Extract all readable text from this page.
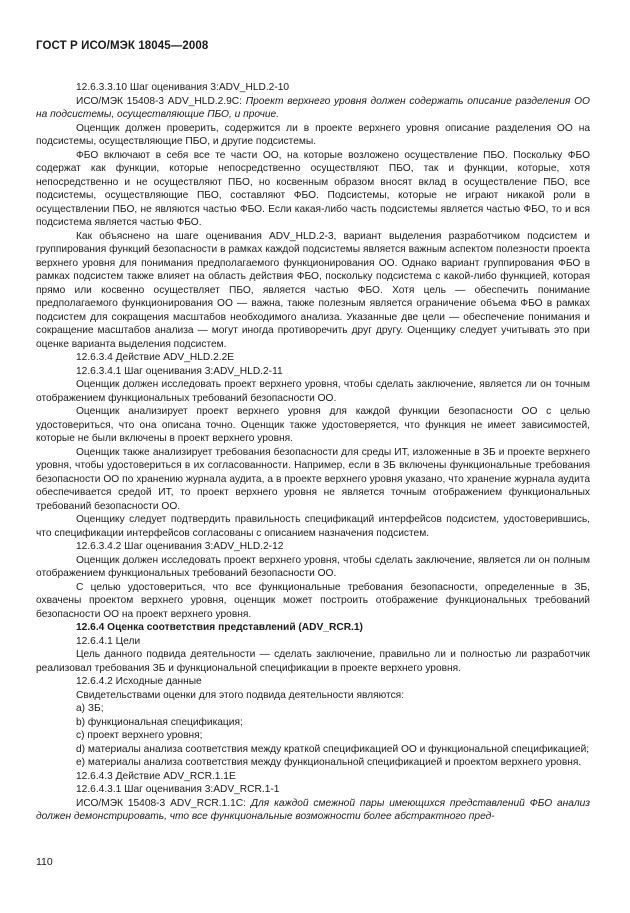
ГОСТ Р ИСО/МЭК 18045—2008

12.6.3.3.10 Шаг оценивания 3:ADV_HLD.2-10

ИСО/МЭК 15408-3 ADV_HLD.2.9С: Проект верхнего уровня должен содержать описание разделения ОО на подсистемы, осуществляющие ПБО, и прочие.

Оценщик должен проверить, содержится ли в проекте верхнего уровня описание разделения ОО на подсистемы, осуществляющие ПБО, и другие подсистемы.

ФБО включают в себя все те части ОО, на которые возложено осуществление ПБО. Поскольку ФБО содержат как функции, которые непосредственно осуществляют ПБО, так и функции, которые, хотя непосредственно и не осуществляют ПБО, но косвенным образом вносят вклад в осуществление ПБО, все подсистемы, осуществляющие ПБО, составляют ФБО. Подсистемы, которые не играют никакой роли в осуществлении ПБО, не являются частью ФБО. Если какая-либо часть подсистемы является частью ФБО, то и вся подсистема является частью ФБО.

Как объяснено на шаге оценивания ADV_HLD.2-3, вариант выделения разработчиком подсистем и группирования функций безопасности в рамках каждой подсистемы является важным аспектом полезности проекта верхнего уровня для понимания предполагаемого функционирования ОО. Однако вариант группирования ФБО в рамках подсистем также влияет на область действия ФБО, поскольку подсистема с какой-либо функцией, которая прямо или косвенно осуществляет ПБО, является частью ФБО. Хотя цель — обеспечить понимание предполагаемого функционирования ОО — важна, также полезным является ограничение объема ФБО в рамках подсистем для сокращения масштабов необходимого анализа. Указанные две цели — обеспечение понимания и сокращение масштабов анализа — могут иногда противоречить друг другу. Оценщику следует учитывать это при оценке варианта выделения подсистем.

12.6.3.4 Действие ADV_HLD.2.2E

12.6.3.4.1 Шаг оценивания 3:ADV_HLD.2-11

Оценщик должен исследовать проект верхнего уровня, чтобы сделать заключение, является ли он точным отображением функциональных требований безопасности ОО.

Оценщик анализирует проект верхнего уровня для каждой функции безопасности ОО с целью удостовериться, что она описана точно. Оценщик также удостоверяется, что функция не имеет зависимостей, которые не были включены в проект верхнего уровня.

Оценщик также анализирует требования безопасности для среды ИТ, изложенные в ЗБ и проекте верхнего уровня, чтобы удостовериться в их согласованности. Например, если в ЗБ включены функциональные требования безопасности ОО по хранению журнала аудита, а в проекте верхнего уровня указано, что хранение журнала аудита обеспечивается средой ИТ, то проект верхнего уровня не является точным отображением функциональных требований безопасности ОО.

Оценщику следует подтвердить правильность спецификаций интерфейсов подсистем, удостоверившись, что спецификации интерфейсов согласованы с описанием назначения подсистем.

12.6.3.4.2 Шаг оценивания 3:ADV_HLD.2-12

Оценщик должен исследовать проект верхнего уровня, чтобы сделать заключение, является ли он полным отображением функциональных требований безопасности ОО.

С целью удостовериться, что все функциональные требования безопасности, определенные в ЗБ, охвачены проектом верхнего уровня, оценщик может построить отображение функциональных требований безопасности ОО на проект верхнего уровня.

12.6.4 Оценка соответствия представлений (ADV_RCR.1)

12.6.4.1 Цели

Цель данного подвида деятельности — сделать заключение, правильно ли и полностью ли разработчик реализовал требования ЗБ и функциональной спецификации в проекте верхнего уровня.

12.6.4.2 Исходные данные

Свидетельствами оценки для этого подвида деятельности являются:

a) ЗБ;

b) функциональная спецификация;

c) проект верхнего уровня;

d) материалы анализа соответствия между краткой спецификацией ОО и функциональной спецификацией;

e) материалы анализа соответствия между функциональной спецификацией и проектом верхнего уровня.

12.6.4.3 Действие ADV_RCR.1.1E

12.6.4.3.1 Шаг оценивания 3:ADV_RCR.1-1

ИСО/МЭК 15408-3 ADV_RCR.1.1С: Для каждой смежной пары имеющихся представлений ФБО анализ должен демонстрировать, что все функциональные возможности более абстрактного пред-

110
